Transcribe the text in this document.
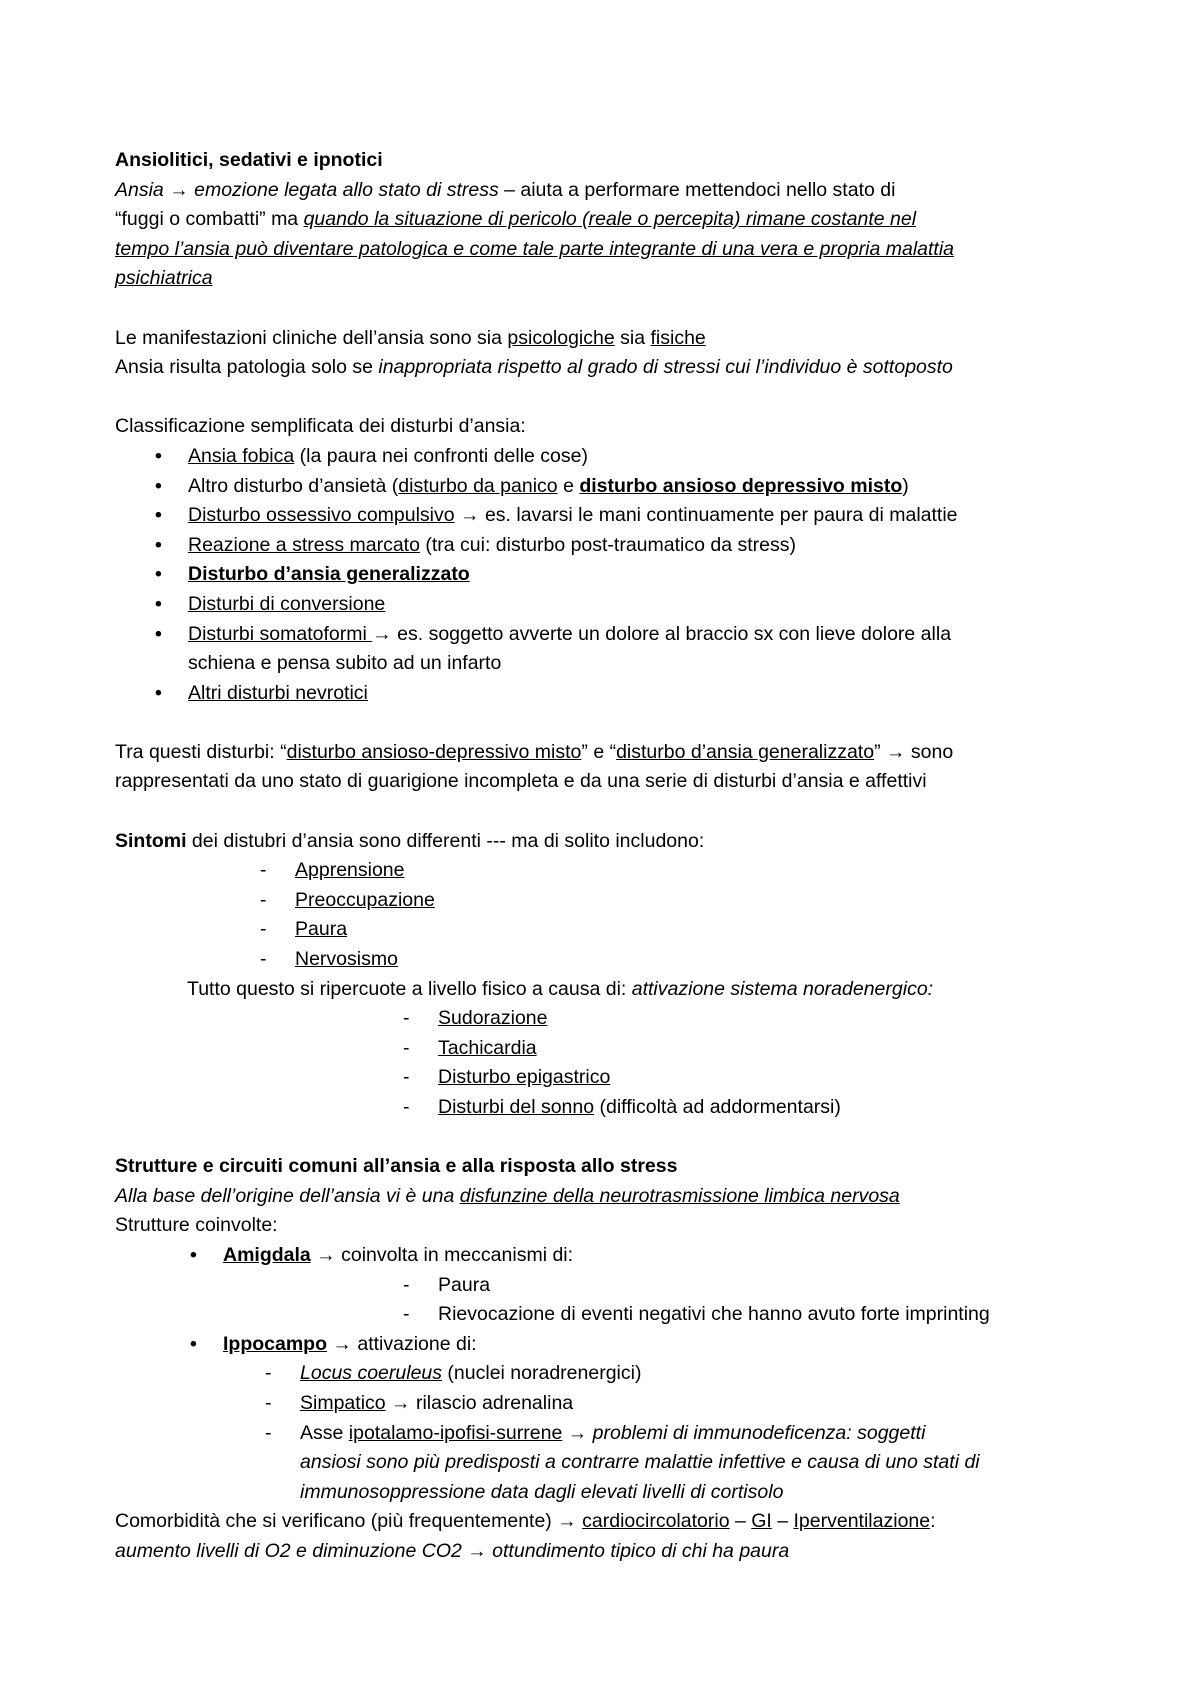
Ansiolitici, sedativi e ipnotici
Ansia → emozione legata allo stato di stress – aiuta a performare mettendoci nello stato di
“fuggi o combatti” ma quando la situazione di pericolo (reale o percepita) rimane costante nel
tempo l’ansia può diventare patologica e come tale parte integrante di una vera e propria malattia
psichiatrica
Le manifestazioni cliniche dell’ansia sono sia psicologiche sia fisiche
Ansia risulta patologia solo se inappropriata rispetto al grado di stressi cui l’individuo è sottoposto
Classificazione semplificata dei disturbi d’ansia:
• Ansia fobica (la paura nei confronti delle cose)
• Altro disturbo d’ansietà (disturbo da panico e disturbo ansioso depressivo misto)
• Disturbo ossessivo compulsivo → es. lavarsi le mani continuamente per paura di malattie
• Reazione a stress marcato (tra cui: disturbo post-traumatico da stress)
• Disturbo d’ansia generalizzato
• Disturbi di conversione
• Disturbi somatoformi → es. soggetto avverte un dolore al braccio sx con lieve dolore alla
schiena e pensa subito ad un infarto
• Altri disturbi nevrotici
Tra questi disturbi: “disturbo ansioso-depressivo misto” e “disturbo d’ansia generalizzato” → sono
rappresentati da uno stato di guarigione incompleta e da una serie di disturbi d’ansia e affettivi
Sintomi dei distubri d’ansia sono differenti --- ma di solito includono:
- Apprensione
- Preoccupazione
- Paura
- Nervosismo
Tutto questo si ripercuote a livello fisico a causa di: attivazione sistema noradenergico:
- Sudorazione
- Tachicardia
- Disturbo epigastrico
- Disturbi del sonno (difficoltà ad addormentarsi)
Strutture e circuiti comuni all’ansia e alla risposta allo stress
Alla base dell’origine dell’ansia vi è una disfunzine della neurotrasmissione limbica nervosa
Strutture coinvolte:
• Amigdala → coinvolta in meccanismi di:
- Paura
- Rievocazione di eventi negativi che hanno avuto forte imprinting
• Ippocampo → attivazione di:
- Locus coeruleus (nuclei noradrenergici)
- Simpatico → rilascio adrenalina
- Asse ipotalamo-ipofisi-surrene → problemi di immunodeficenza: soggetti
ansiosi sono più predisposti a contrarre malattie infettive e causa di uno stati di
immunosoppressione data dagli elevati livelli di cortisolo
Comorbidità che si verificano (più frequentemente) → cardiocircolatorio – GI – Iperventilazione:
aumento livelli di O2 e diminuzione CO2 → ottundimento tipico di chi ha paura
